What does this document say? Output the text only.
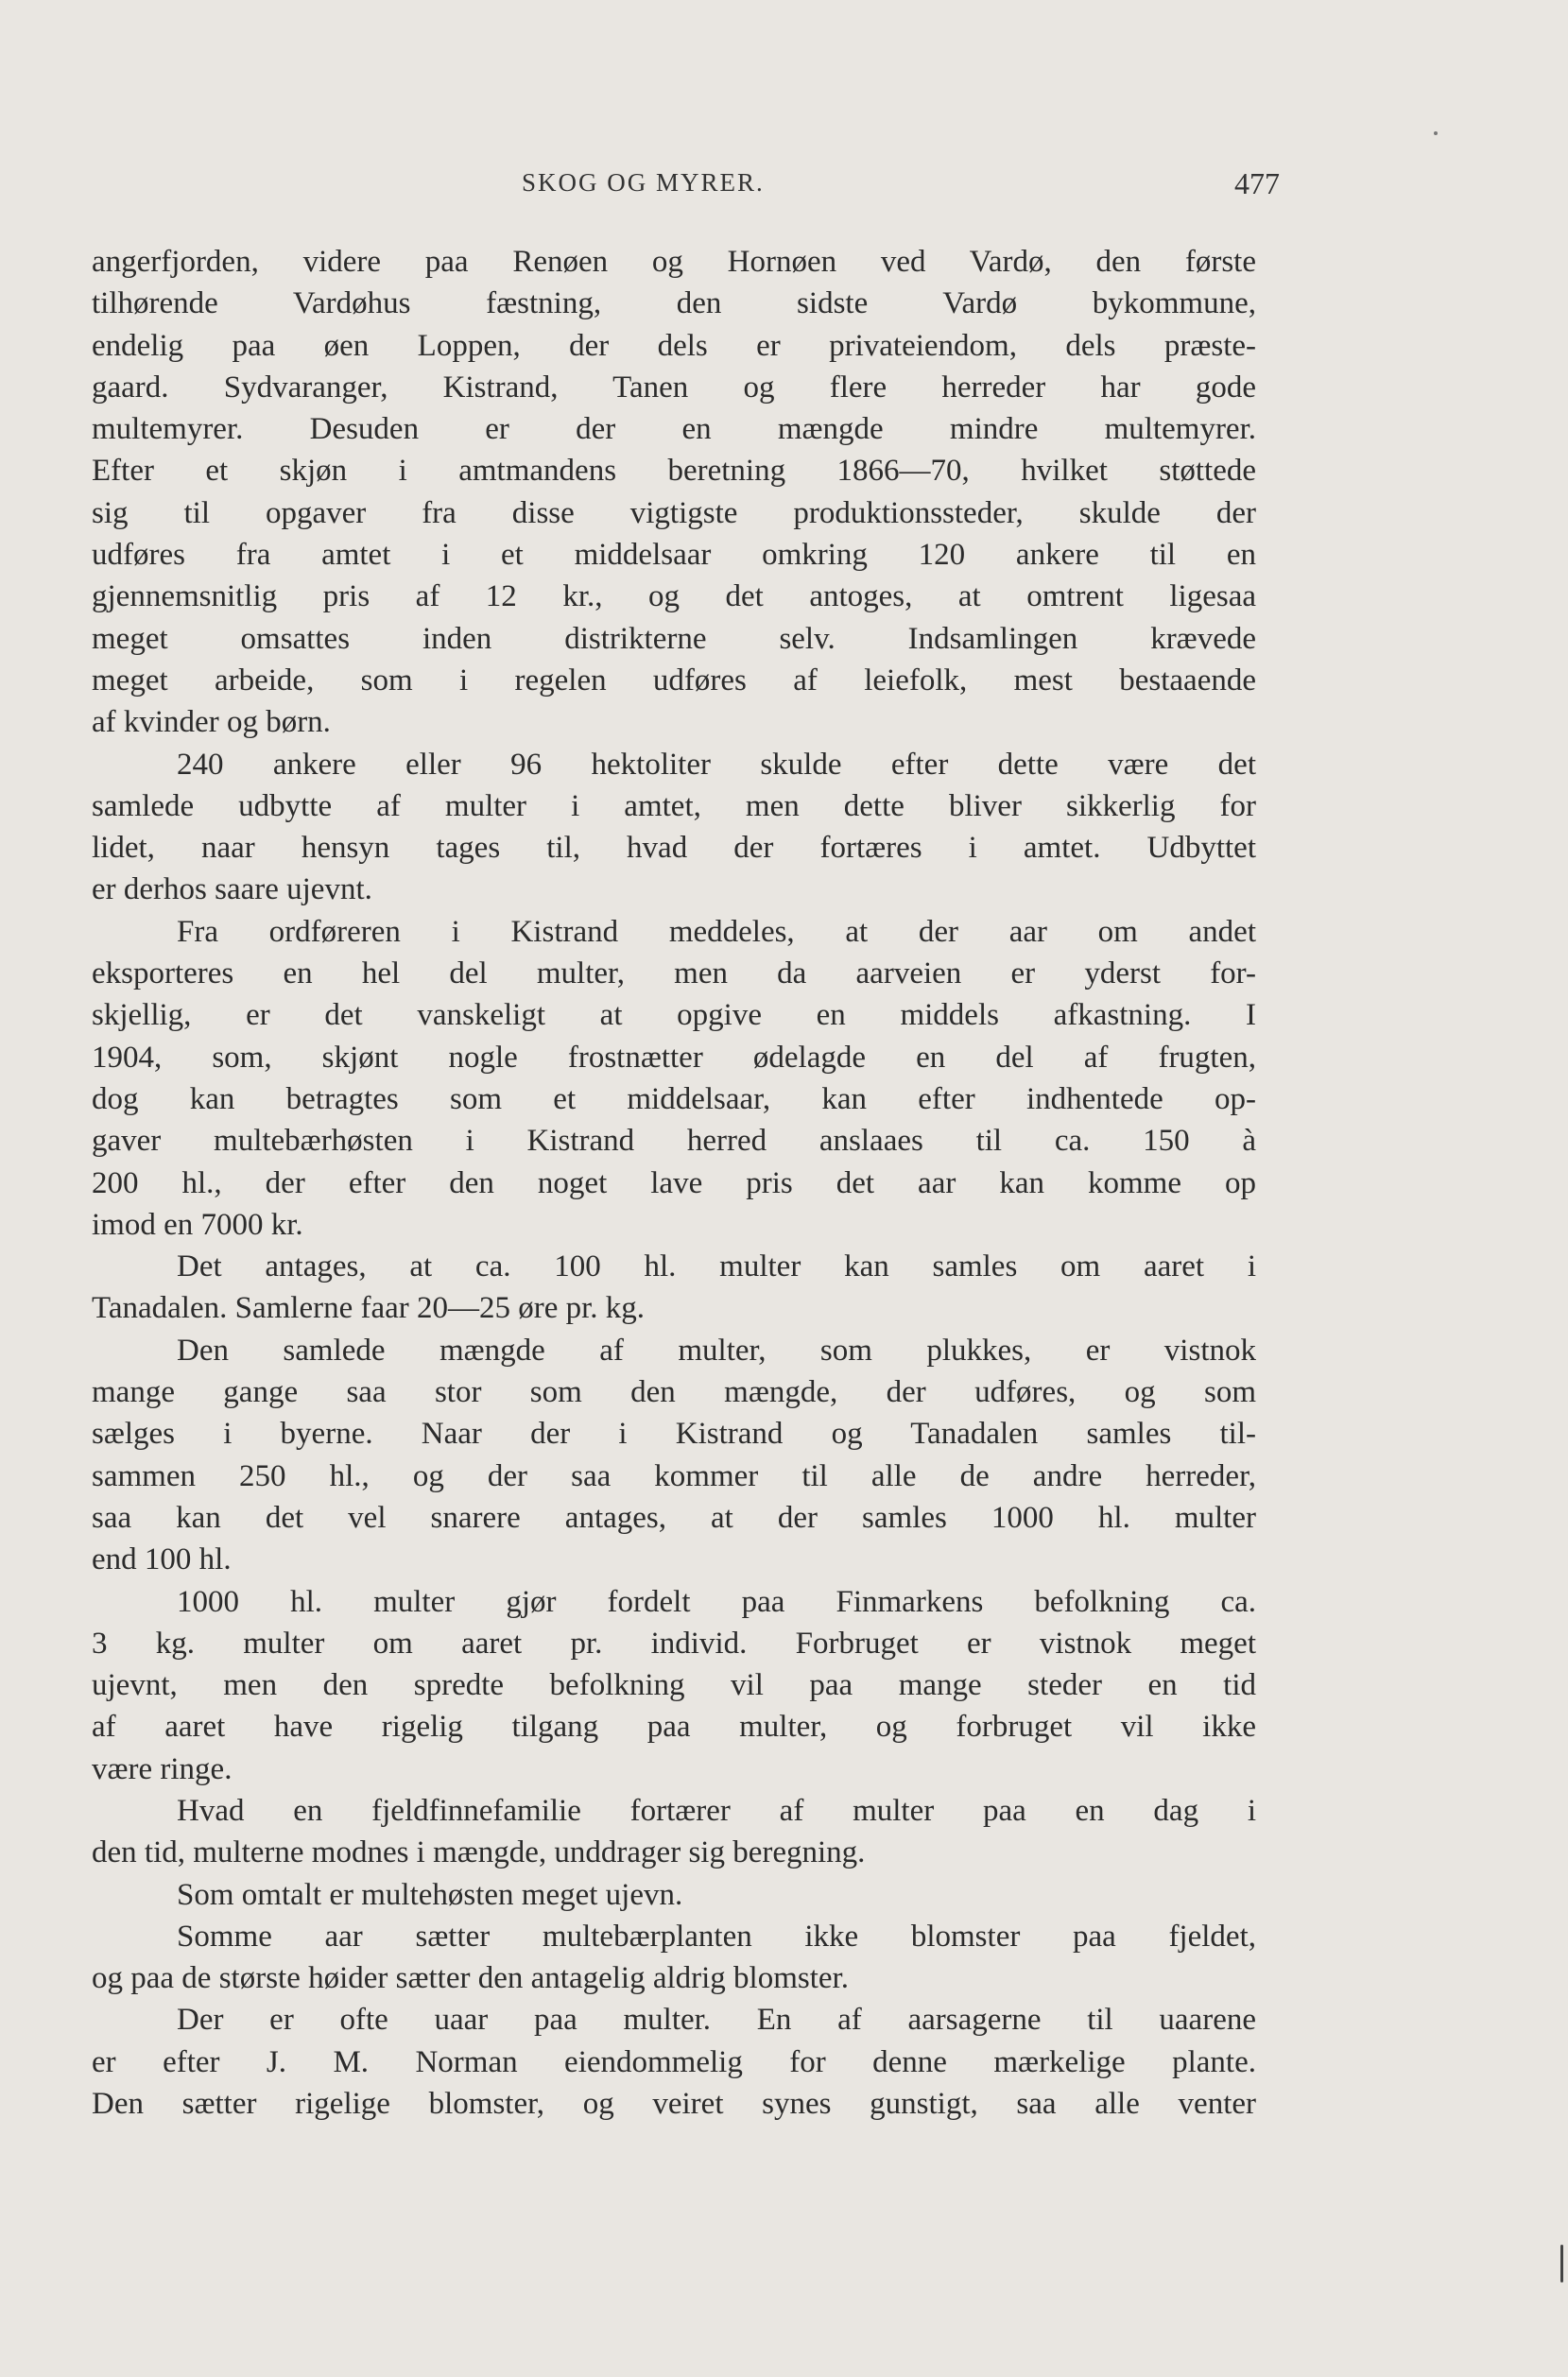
SKOG OG MYRER.	477
angerfjorden, videre paa Renøen og Hornøen ved Vardø, den første
tilhørende Vardøhus fæstning, den sidste Vardø bykommune,
endelig paa øen Loppen, der dels er privateiendom, dels præste-
gaard. Sydvaranger, Kistrand, Tanen og flere herreder har gode
multemyrer. Desuden er der en mængde mindre multemyrer.
Efter et skjøn i amtmandens beretning 1866—70, hvilket støttede
sig til opgaver fra disse vigtigste produktionssteder, skulde der
udføres fra amtet i et middelsaar omkring 120 ankere til en
gjennemsnitlig pris af 12 kr., og det antoges, at omtrent ligesaa
meget omsattes inden distrikterne selv. Indsamlingen krævede
meget arbeide, som i regelen udføres af leiefolk, mest bestaaende
af kvinder og børn.
240 ankere eller 96 hektoliter skulde efter dette være det
samlede udbytte af multer i amtet, men dette bliver sikkerlig for
lidet, naar hensyn tages til, hvad der fortæres i amtet. Udbyttet
er derhos saare ujevnt.
Fra ordføreren i Kistrand meddeles, at der aar om andet
eksporteres en hel del multer, men da aarveien er yderst for-
skjellig, er det vanskeligt at opgive en middels afkastning. I
1904, som, skjønt nogle frostnætter ødelagde en del af frugten,
dog kan betragtes som et middelsaar, kan efter indhentede op-
gaver multebærhøsten i Kistrand herred anslaaes til ca. 150 à
200 hl., der efter den noget lave pris det aar kan komme op
imod en 7000 kr.
Det antages, at ca. 100 hl. multer kan samles om aaret i
Tanadalen. Samlerne faar 20—25 øre pr. kg.
Den samlede mængde af multer, som plukkes, er vistnok
mange gange saa stor som den mængde, der udføres, og som
sælges i byerne. Naar der i Kistrand og Tanadalen samles til-
sammen 250 hl., og der saa kommer til alle de andre herreder,
saa kan det vel snarere antages, at der samles 1000 hl. multer
end 100 hl.
1000 hl. multer gjør fordelt paa Finmarkens befolkning ca.
3 kg. multer om aaret pr. individ. Forbruget er vistnok meget
ujevnt, men den spredte befolkning vil paa mange steder en tid
af aaret have rigelig tilgang paa multer, og forbruget vil ikke
være ringe.
Hvad en fjeldfinnefamilie fortærer af multer paa en dag i
den tid, multerne modnes i mængde, unddrager sig beregning.
Som omtalt er multehøsten meget ujevn.
Somme aar sætter multebærplanten ikke blomster paa fjeldet,
og paa de største høider sætter den antagelig aldrig blomster.
Der er ofte uaar paa multer. En af aarsagerne til uaarene
er efter J. M. Norman eiendommelig for denne mærkelige plante.
Den sætter rigelige blomster, og veiret synes gunstigt, saa alle venter
